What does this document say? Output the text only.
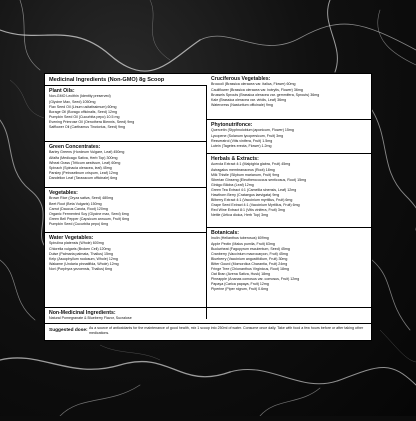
Medicinal Ingredients (Non-GMO) 8g Scoop
Plant Oils:
Non-GMO Lecithin (Identity preserved)
(Glycine Max, Seed) 1050mg
Flax Seed Oil (Linum usitatissimum) 60mg
Borage Oil (Borago officinalis, Seed) 12mg
Pumpkin Seed Oil (Cucurbita pepo) 10.5 mg
Evening Primrose Oil (Oenothera Biennis, Seed) 9mg
Safflower Oil (Carthamus Tinctorius, Seed) 9mg
Green Concentrates:
Barley Greens (Hordeum Vulgare, Leaf) 450mg
Alfalfa (Medicago Sativa, Herb Top) 300mg
Wheat Grass (Triticum aestivum, Leaf) 60mg
Spinach (Spinacia oleracea, leaf) 45mg
Parsley (Petroselinum crispum, Leaf) 12mg
Dandelion Leaf (Taraxacum officinale) 6mg
Vegetables:
Brown Rice (Oryza sativa, Seed) 480mg
Beet Root (Beta Vulgaris) 150mg
Carrot (Daucus Carota, Root) 120mg
Organic Fermented Soy (Glycine max, Seed) 6mg
Green Bell Pepper (Capsicum annuum, Fruit) 6mg
Pumpkin Seed (Cucurbita pepo) 6mg
Water Vegetables:
Spirulina platensis (Whole) 600mg
Chlorella vulgaris (Broken Cell) 120mg
Dulse (Palmaria palmata, Thallus) 15mg
Kelp (Ascophyllum nodosum, Whole) 12mg
Wakame (Undaria pinnatifida, Whole) 12mg
Nori (Porphyra yezoensis, Thallus) 6mg
Cruciferous Vegetables:
Broccoli (Brassica oleracea var. italica, Flower) 60mg
Cauliflower (Brassica oleracea var. botrytis, Flower) 36mg
Brussels Sprouts (Brassica oleracea var. gemmifera, Sprouts) 36mg
Kale (Brassica oleracea var. viridis, Leaf) 36mg
Watercress (Nasturtium officinale) 9mg
Phytonutrifonce:
Quercetin (Styphnolobium japonicum, Flower) 15mg
Lycopene (Solanum lycopersicum, Fruit) 3mg
Resveratrol (Vitis vinifera, Fruit) 1.5mg
Lutein (Tagetes erecta, Flower) 1.2mg
Herbals & Extracts:
Acerola Extract 4:1 (Malpighia glabra, Fruit) 45mg
Astragalus membranaceus (Root) 18mg
Milk Thistle (Silybum marianum, Fruit) 9mg
Siberian Ginseng (Eleutherococcus senticosus, Root) 15mg
Ginkgo Biloba (Leaf) 12mg
Green Tea Extract 4:1 (Camellia sinensis, Leaf) 12mg
Hawthorn Berry (Crataegus laevigata) 9mg
Bilberry Extract 4:1 (Vaccinium myrtillus, Fruit) 6mg
Grape Seed Extract 4:1 (Vaccinium Myrtillus, Fruit) 6mg
Red Wine Extract 8:1 (Vitis vinifera, Fruit) 3mg
Nettle (Urtica dioica, Herb Top) 3mg
Botanicals:
Inulin (Helianthus tuberosus) 609mg
Apple Pectin (Malus pumila, Fruit) 63mg
Buckwheat (Fagopyrum esculentum, Seed) 45mg
Cranberry (Vaccinium macrocarpon, Fruit) 45mg
Blueberry (Vaccinium angustifolium, Fruit) 30mg
Bitter Gourd (Momordica Charantia, Fruit) 24mg
Fringe Tree (Chionanthus Virginicus, Root) 18mg
Oat Bran (Avena Sativa, Husk) 18mg
Pineapple (Ananas comosus var. comosus, Fruit) 12mg
Papaya (Carica papaya, Fruit) 12mg
Piperine (Piper nigrum, Fruit) 0.6mg
Non-Medicinal Ingredients:
Natural Pomegranate & Blueberry Flavor, Sucralose
Suggested dose: As a source of antioxidants for the maintenance of good health, mix 1 scoop into 250ml of water. Consume once daily. Take with food a few hours before or after taking other medications.
